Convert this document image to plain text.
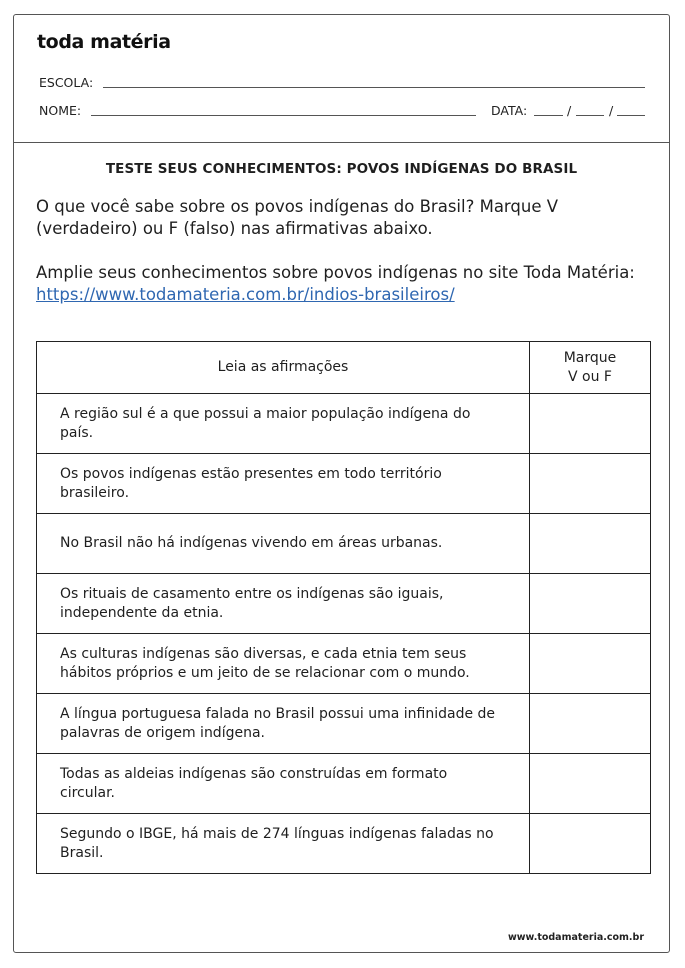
toda matéria
ESCOLA:
NOME:	DATA:	/	/
TESTE SEUS CONHECIMENTOS: POVOS INDÍGENAS DO BRASIL
O que você sabe sobre os povos indígenas do Brasil? Marque V (verdadeiro) ou F (falso) nas afirmativas abaixo.
Amplie seus conhecimentos sobre povos indígenas no site Toda Matéria: https://www.todamateria.com.br/indios-brasileiros/
Leia as afirmações	Marque
V ou F

A região sul é a que possui a maior população indígena do país.	
Os povos indígenas estão presentes em todo território brasileiro.	
No Brasil não há indígenas vivendo em áreas urbanas.	
Os rituais de casamento entre os indígenas são iguais, independente da etnia.	
As culturas indígenas são diversas, e cada etnia tem seus hábitos próprios e um jeito de se relacionar com o mundo.	
A língua portuguesa falada no Brasil possui uma infinidade de palavras de origem indígena.	
Todas as aldeias indígenas são construídas em formato circular.	
Segundo o IBGE, há mais de 274 línguas indígenas faladas no Brasil.	
www.todamateria.com.br
